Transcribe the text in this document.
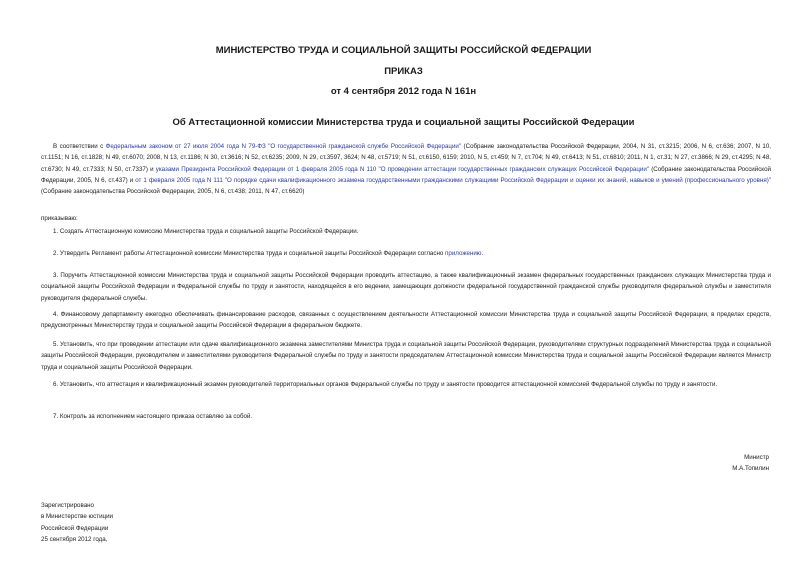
МИНИСТЕРСТВО ТРУДА И СОЦИАЛЬНОЙ ЗАЩИТЫ РОССИЙСКОЙ ФЕДЕРАЦИИ
ПРИКАЗ
от 4 сентября 2012 года N 161н
Об Аттестационной комиссии Министерства труда и социальной защиты Российской Федерации
В соответствии с Федеральным законом от 27 июля 2004 года N 79-ФЗ "О государственной гражданской службе Российской Федерации" (Собрание законодательства Российской Федерации, 2004, N 31, ст.3215; 2006, N 6, ст.636; 2007, N 10, ст.1151; N 16, ст.1828; N 49, ст.6070; 2008, N 13, ст.1186; N 30, ст.3616; N 52, ст.6235; 2009, N 29, ст.3597, 3624; N 48, ст.5719; N 51, ст.6150, 6159; 2010, N 5, ст.459; N 7, ст.704; N 49, ст.6413; N 51, ст.6810; 2011, N 1, ст.31; N 27, ст.3866; N 29, ст.4295; N 48, ст.6730; N 49, ст.7333; N 50, ст.7337) и указами Президента Российской Федерации от 1 февраля 2005 года N 110 "О проведении аттестации государственных гражданских служащих Российской Федерации" (Собрание законодательства Российской Федерации, 2005, N 6, ст.437) и от 1 февраля 2005 года N 111 "О порядке сдачи квалификационного экзамена государственными гражданскими служащими Российской Федерации и оценки их знаний, навыков и умений (профессионального уровня)" (Собрание законодательства Российской Федерации, 2005, N 6, ст.438; 2011, N 47, ст.6620)
приказываю:
1. Создать Аттестационную комиссию Министерства труда и социальной защиты Российской Федерации.
2. Утвердить Регламент работы Аттестационной комиссии Министерства труда и социальной защиты Российской Федерации согласно приложению.
3. Поручить Аттестационной комиссии Министерства труда и социальной защиты Российской Федерации проводить аттестацию, а также квалификационный экзамен федеральных государственных гражданских служащих Министерства труда и социальной защиты Российской Федерации и Федеральной службы по труду и занятости, находящейся в его ведении, замещающих должности федеральной государственной гражданской службы руководителя федеральной службы и заместителя руководителя федеральной службы.
4. Финансовому департаменту ежегодно обеспечивать финансирование расходов, связанных с осуществлением деятельности Аттестационной комиссии Министерства труда и социальной защиты Российской Федерации, в пределах средств, предусмотренных Министерству труда и социальной защиты Российской Федерации в федеральном бюджете.
5. Установить, что при проведении аттестации или сдаче квалификационного экзамена заместителями Министра труда и социальной защиты Российской Федерации, руководителями структурных подразделений Министерства труда и социальной защиты Российской Федерации, руководителем и заместителями руководителя Федеральной службы по труду и занятости председателем Аттестационной комиссии Министерства труда и социальной защиты Российской Федерации является Министр труда и социальной защиты Российской Федерации.
6. Установить, что аттестация и квалификационный экзамен руководителей территориальных органов Федеральной службы по труду и занятости проводится аттестационной комиссией Федеральной службы по труду и занятости.
7. Контроль за исполнением настоящего приказа оставляю за собой.
Министр
М.А.Топилин
Зарегистрировано
в Министерстве юстиции
Российской Федерации
25 сентября 2012 года,
